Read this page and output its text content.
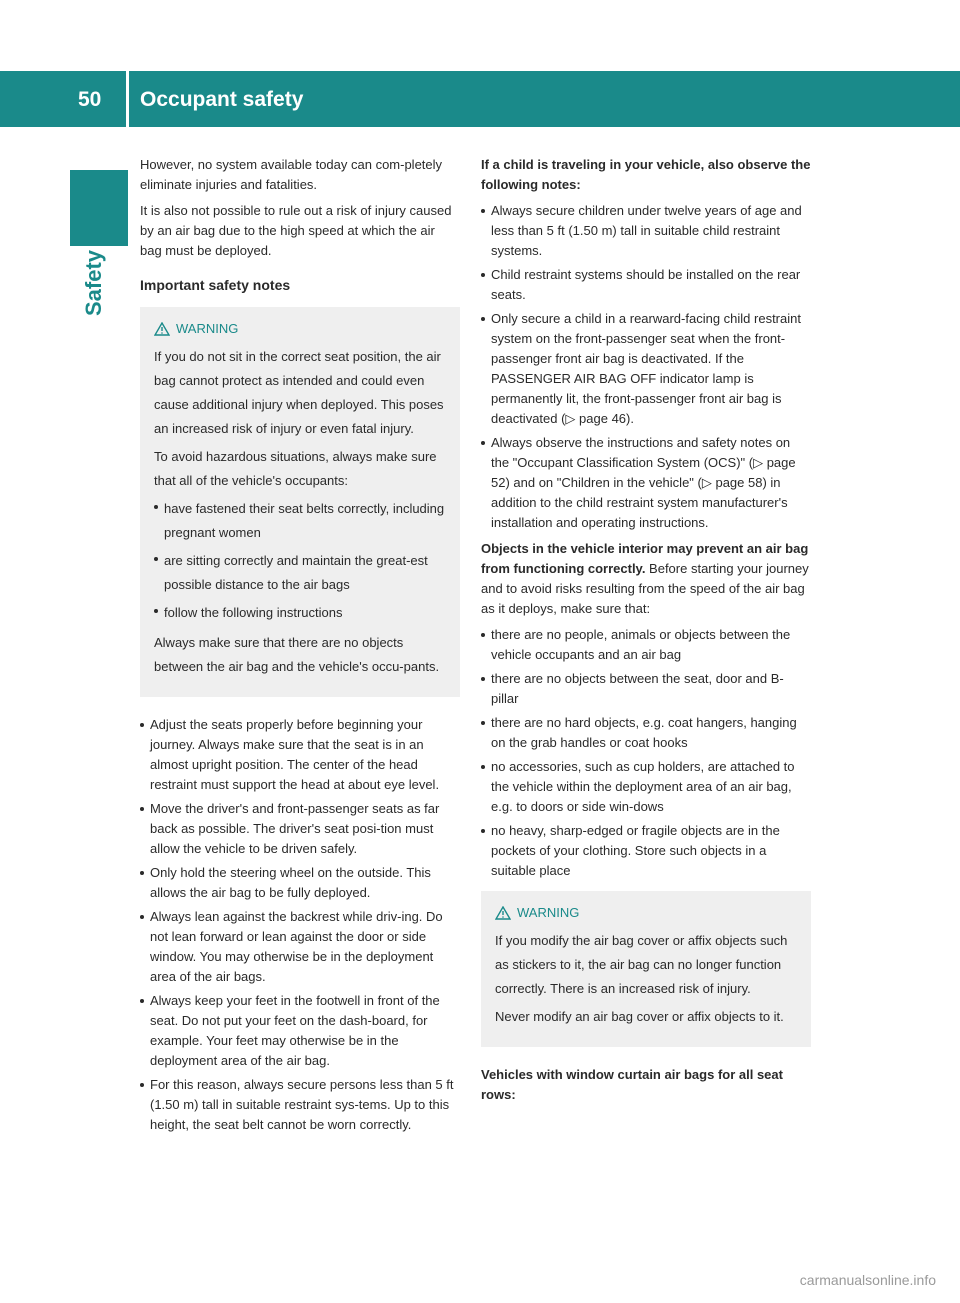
50 Occupant safety
Safety

However, no system available today can com-pletely eliminate injuries and fatalities.

It is also not possible to rule out a risk of injury caused by an air bag due to the high speed at which the air bag must be deployed.

Important safety notes
WARNING

If you do not sit in the correct seat position, the air bag cannot protect as intended and could even cause additional injury when deployed. This poses an increased risk of injury or even fatal injury.

To avoid hazardous situations, always make sure that all of the vehicle's occupants:

have fastened their seat belts correctly, including pregnant women
are sitting correctly and maintain the great-est possible distance to the air bags
follow the following instructions

Always make sure that there are no objects between the air bag and the vehicle's occu-pants.

Adjust the seats properly before beginning your journey. Always make sure that the seat is in an almost upright position. The center of the head restraint must support the head at about eye level.
Move the driver's and front-passenger seats as far back as possible. The driver's seat posi-tion must allow the vehicle to be driven safely.
Only hold the steering wheel on the outside. This allows the air bag to be fully deployed.
Always lean against the backrest while driv-ing. Do not lean forward or lean against the door or side window. You may otherwise be in the deployment area of the air bags.
Always keep your feet in the footwell in front of the seat. Do not put your feet on the dash-board, for example. Your feet may otherwise be in the deployment area of the air bag.
For this reason, always secure persons less than 5 ft (1.50 m) tall in suitable restraint sys-tems. Up to this height, the seat belt cannot be worn correctly.

If a child is traveling in your vehicle, also observe the following notes:

Always secure children under twelve years of age and less than 5 ft (1.50 m) tall in suitable child restraint systems.
Child restraint systems should be installed on the rear seats.
Only secure a child in a rearward-facing child restraint system on the front-passenger seat when the front-passenger front air bag is deactivated. If the PASSENGER AIR BAG OFF indicator lamp is permanently lit, the front-passenger front air bag is deactivated (▷ page 46).
Always observe the instructions and safety notes on the "Occupant Classification System (OCS)" (▷ page 52) and on "Children in the vehicle" (▷ page 58) in addition to the child restraint system manufacturer's installation and operating instructions.

Objects in the vehicle interior may prevent an air bag from functioning correctly. Before starting your journey and to avoid risks resulting from the speed of the air bag as it deploys, make sure that:

there are no people, animals or objects between the vehicle occupants and an air bag
there are no objects between the seat, door and B-pillar
there are no hard objects, e.g. coat hangers, hanging on the grab handles or coat hooks
no accessories, such as cup holders, are attached to the vehicle within the deployment area of an air bag, e.g. to doors or side win-dows
no heavy, sharp-edged or fragile objects are in the pockets of your clothing. Store such objects in a suitable place
WARNING

If you modify the air bag cover or affix objects such as stickers to it, the air bag can no longer function correctly. There is an increased risk of injury.

Never modify an air bag cover or affix objects to it.

Vehicles with window curtain air bags for all seat rows:

carmanualsonline.info
